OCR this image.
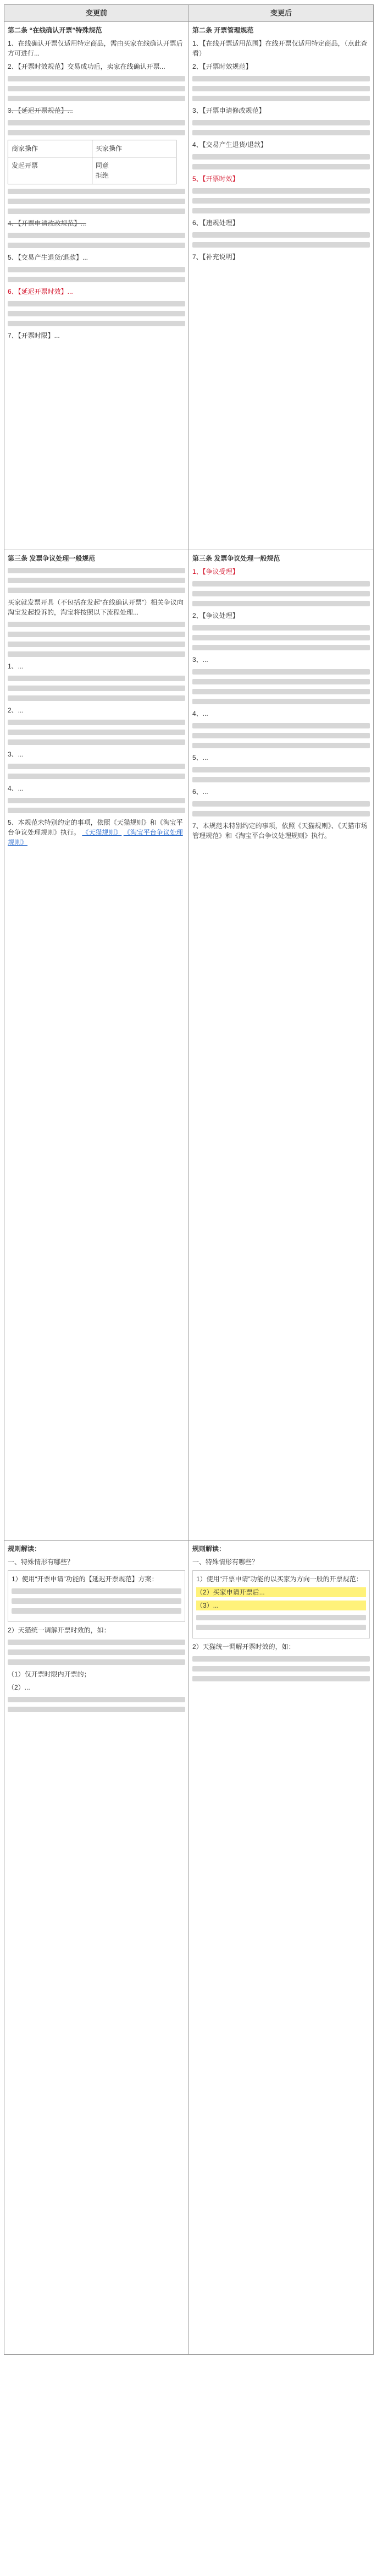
变更前	变更后

第二条 “在线确认开票”特殊规范

1、在线确认开票仅适用特定商品，需由买家在线确认开票后方可进行...

2、【开票时效规范】交易成功后，卖家在线确认开票...

3、【延迟开票规范】...

商家操作	买家操作
发起开票	同意
拒绝

4、【开票申请改改规范】...

5、【交易产生退货/退款】...

6、【延迟开票时效】...

7、【开票时限】...

第二条 开票管理规范

1、【在线开票适用范围】在线开票仅适用特定商品，（点此查看）

2、【开票时效规范】

3、【开票申请修改规范】

4、【交易产生退货/退款】

5、【开票时效】

6、【违规处理】

7、【补充说明】

第三条 发票争议处理一般规范

买家就发票开具（不包括在发起“在线确认开票”）相关争议向淘宝发起投诉的，淘宝将按照以下流程处理...

1、...

2、...

3、...

4、...

5、本规范未特别约定的事项，依照《天猫规则》和《淘宝平台争议处理规则》执行。 《天猫规则》 《淘宝平台争议处理规则》

第三条 发票争议处理一般规范

1、【争议受理】

2、【争议处理】

3、...

4、...

5、...

6、...

7、本规范未特别约定的事项，依照《天猫规则》、《天猫市场管理规范》和《淘宝平台争议处理规则》执行。

规则解读：

一、特殊情形有哪些？

1）使用“开票申请”功能的【延迟开票规范】方案：

2）天猫统一调解开票时效的，如：

（1）仅开票时限内开票的；

（2）...

规则解读：

一、特殊情形有哪些？

1）使用“开票申请”功能的以买家为方向一般的开票规范：

（2）买家申请开票后...

（3）...

2）天猫统一调解开票时效的，如：
